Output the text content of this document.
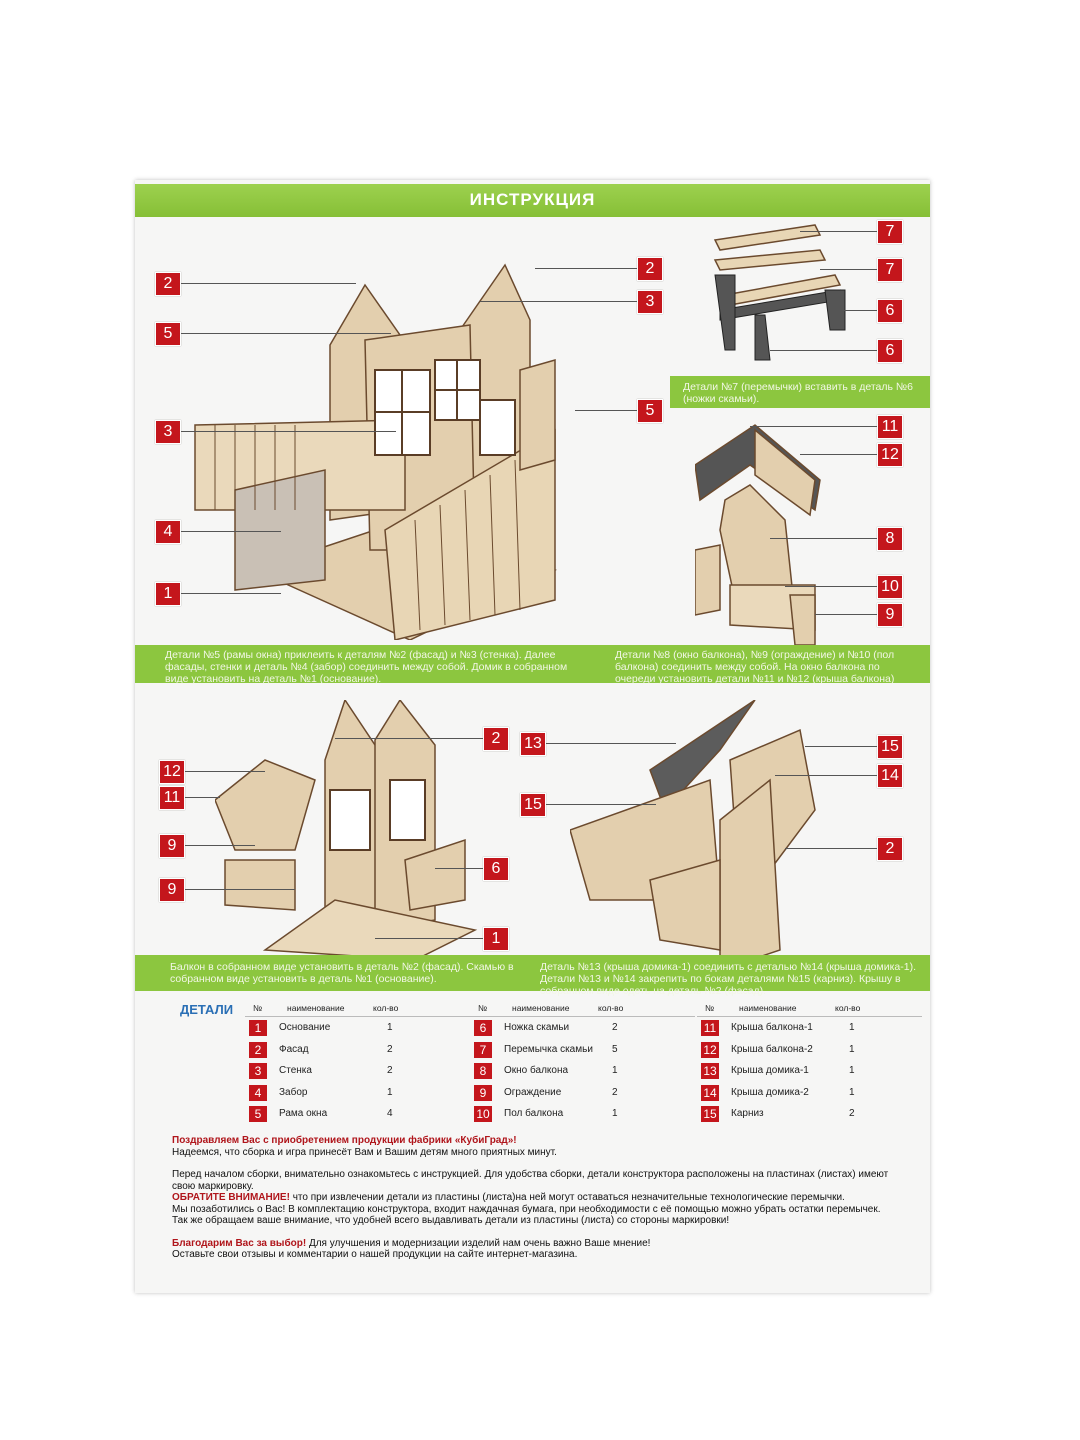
ИНСТРУКЦИЯ
Детали №5 (рамы окна) приклеить к деталям №2 (фасад) и №3 (стенка). Далее фасады, стенки и деталь №4 (забор) соединить между собой. Домик в собранном виде установить на деталь №1 (основание).
Детали №8 (окно балкона), №9 (ограждение) и №10 (пол балкона) соединить между собой. На окно балкона по очереди установить детали №11 и №12 (крыша балкона)
Детали №7 (перемычки) вставить в деталь №6 (ножки скамьи).
Балкон в собранном виде установить в деталь №2 (фасад). Скамью в собранном виде установить в деталь №1 (основание).
Деталь №13 (крыша домика-1) соединить с деталью №14 (крыша домика-1). Детали №13 и №14 закрепить по бокам деталями №15 (карниз). Крышу в собранном виде одеть на деталь №2 (фасад).
2
5
3
4
1
2
3
5
7
7
6
6
11
12
8
10
9
12
11
9
9
2
6
1
13
15
15
14
2
ДЕТАЛИ №	наименование	кол-во
1	Основание	1
2	Фасад	2
3	Стенка	2
4	Забор	1
5	Рама окна	4
№	наименование	кол-во
6	Ножка скамьи	2
7	Перемычка скамьи 5
8	Окно балкона	1
9	Ограждение	2
10 Пол балкона	1
№	наименование	кол-во
11 Крыша балкона-1	1
12 Крыша балкона-2	1
13 Крыша домика-1	1
14 Крыша домика-2	1
15 Карниз	2

Поздравляем Вас с приобретением продукции фабрики «КубиГрад»!

Надеемся, что сборка и игра принесёт Вам и Вашим детям много приятных минут.

Перед началом сборки, внимательно ознакомьтесь с инструкцией. Для удобства сборки, детали конструктора расположены на пластинах (листах) имеют свою маркировку.

ОБРАТИТЕ ВНИМАНИЕ! что при извлечении детали из пластины (листа)на ней могут оставаться незначительные технологические перемычки.

Мы позаботились о Вас! В комплектацию конструктора, входит наждачная бумага, при необходимости с её помощью можно убрать остатки перемычек.

Так же обращаем ваше внимание, что удобней всего выдавливать детали из пластины (листа) со стороны маркировки!

Благодарим Вас за выбор! Для улучшения и модернизации изделий нам очень важно Ваше мнение!

Оставьте свои отзывы и комментарии о нашей продукции на сайте интернет-магазина.
